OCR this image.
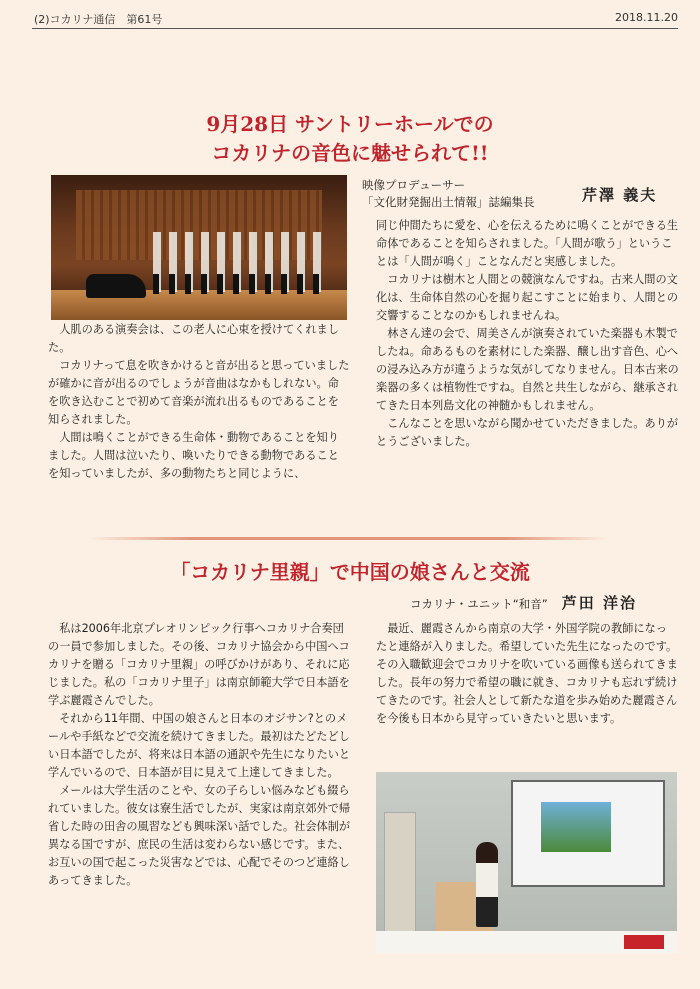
(2)コカリナ通信　第61号	2018.11.20
9月28日 サントリーホールでの
コカリナの音色に魅せられて!!
映像プロデューサー
「文化財発掘出土情報」誌編集長	芹澤 義夫

人肌のある演奏会は、この老人に心束を授けてくれました。

コカリナって息を吹きかけると音が出ると思っていましたが確かに音が出るのでしょうが音曲はなかもしれない。命を吹き込むことで初めて音楽が流れ出るものであることを知らされました。

人間は鳴くことができる生命体・動物であることを知りました。人間は泣いたり、喚いたりできる動物であることを知っていましたが、多の動物たちと同じように、

同じ仲間たちに愛を、心を伝えるために鳴くことができる生命体であることを知らされました。「人間が歌う」ということは「人間が鳴く」ことなんだと実感しました。

コカリナは樹木と人間との競演なんですね。古来人間の文化は、生命体自然の心を掘り起こすことに始まり、人間との交響することなのかもしれませんね。

林さん達の会で、周美さんが演奏されていた楽器も木製でしたね。命あるものを素材にした楽器、醸し出す音色、心への浸み込み方が違うような気がしてなりません。日本古来の楽器の多くは植物性ですね。自然と共生しながら、継承されてきた日本列島文化の神髄かもしれません。

こんなことを思いながら聞かせていただきました。ありがとうございました。

「コカリナ里親」で中国の娘さんと交流
コカリナ・ユニット“和音” 芦田 洋治

私は2006年北京プレオリンピック行事へコカリナ合奏団の一員で参加しました。その後、コカリナ協会から中国へコカリナを贈る「コカリナ里親」の呼びかけがあり、それに応じました。私の「コカリナ里子」は南京師範大学で日本語を学ぶ麗霞さんでした。

それから11年間、中国の娘さんと日本のオジサン?とのメールや手紙などで交流を続けてきました。最初はたどたどしい日本語でしたが、将来は日本語の通訳や先生になりたいと学んでいるので、日本語が目に見えて上達してきました。

メールは大学生活のことや、女の子らしい悩みなども綴られていました。彼女は寮生活でしたが、実家は南京郊外で帰省した時の田舎の風習なども興味深い話でした。社会体制が異なる国ですが、庶民の生活は変わらない感じです。また、お互いの国で起こった災害などでは、心配でそのつど連絡しあってきました。

最近、麗霞さんから南京の大学・外国学院の教師になったと連絡が入りました。希望していた先生になったのです。その入職歓迎会でコカリナを吹いている画像も送られてきました。長年の努力で希望の職に就き、コカリナも忘れず続けてきたのです。社会人として新たな道を歩み始めた麗霞さんを今後も日本から見守っていきたいと思います。
